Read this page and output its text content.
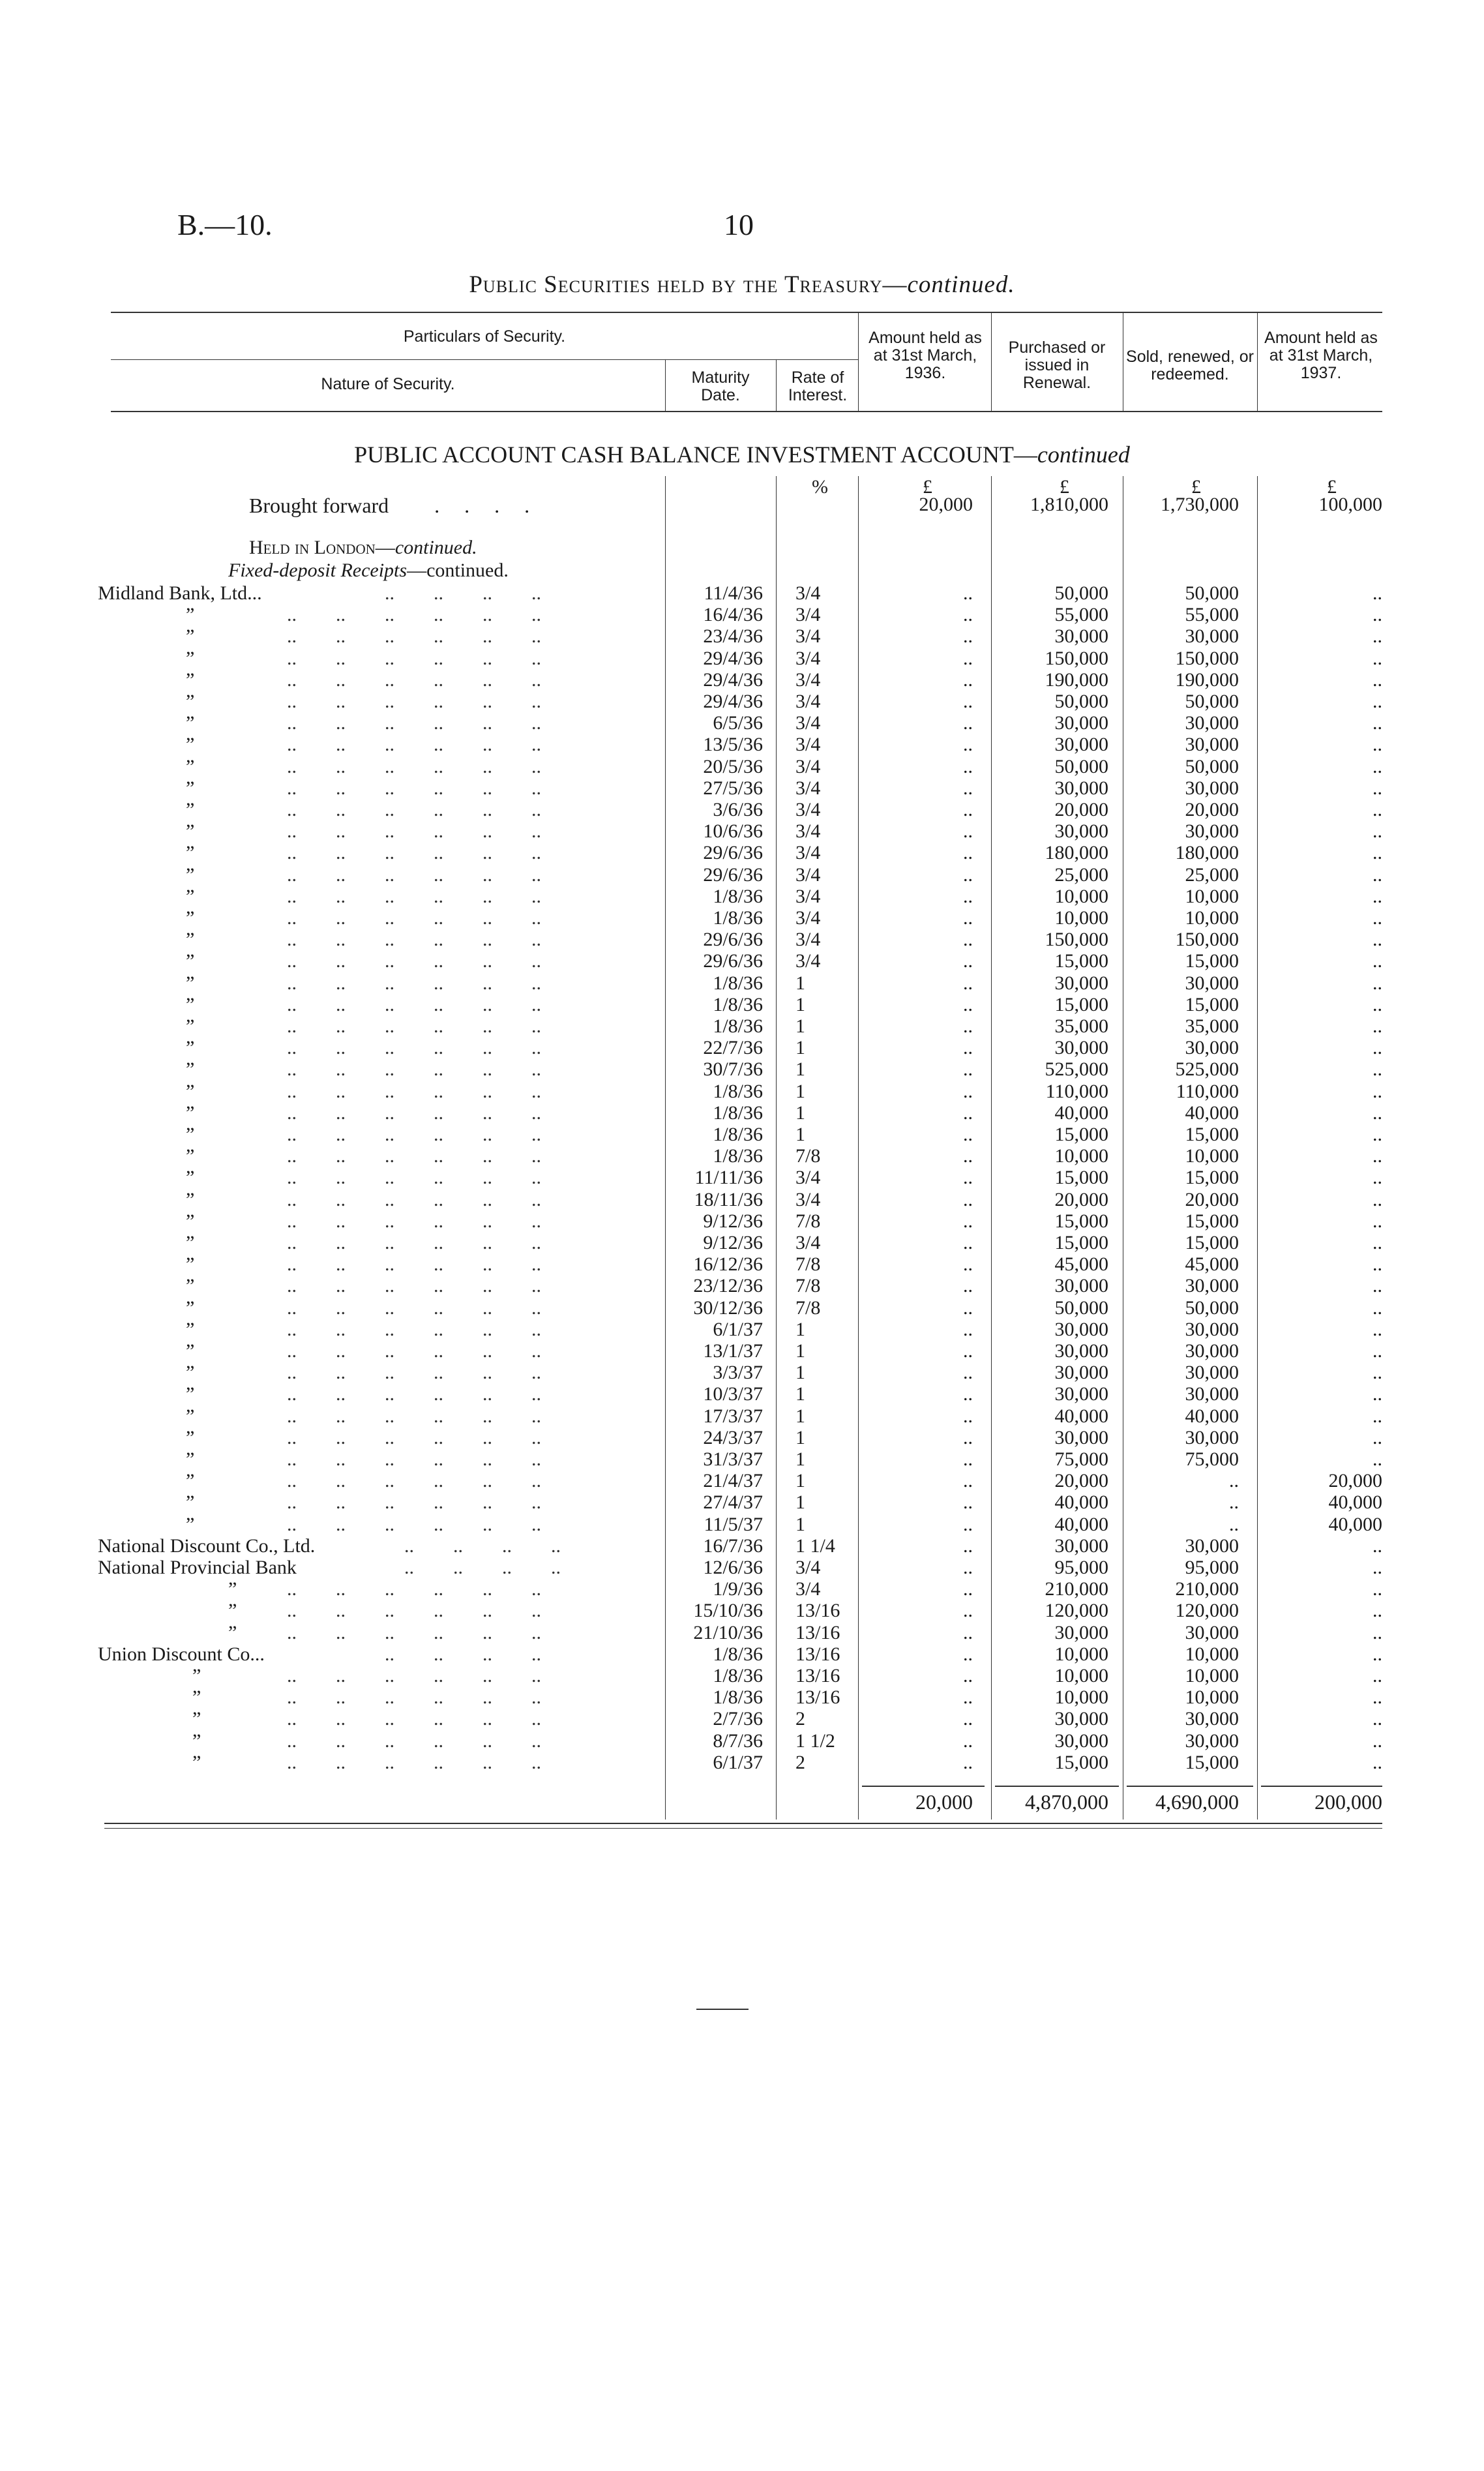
B.—10.	10
Public Securities held by the Treasury—continued.
Particulars of Security.
Nature of Security.	Maturity Date.
Rate of Interest.
Amount held as at 31st March, 1936.
Purchased or issued in Renewal.
Sold, renewed, or redeemed.
Amount held as at 31st March, 1937.
PUBLIC ACCOUNT CASH BALANCE INVESTMENT ACCOUNT—continued
%	£	£	£	£
Brought forward ....	20,000	1,810,000	1,730,000	100,000
Held in London—continued.
Fixed-deposit Receipts—continued.
Midland Bank, Ltd...	..        ..        ..        ..	11/4/36 3/4	..	50,000	50,000	..
”	..        ..        ..        ..        ..        ..	16/4/36 3/4	..	55,000	55,000	..
”	..        ..        ..        ..        ..        ..	23/4/36 3/4	..	30,000	30,000	..
”	..        ..        ..        ..        ..        ..	29/4/36 3/4	..	150,000	150,000	..
”	..        ..        ..        ..        ..        ..	29/4/36 3/4	..	190,000	190,000	..
”	..        ..        ..        ..        ..        ..	29/4/36 3/4	..	50,000	50,000	..
”	..        ..        ..        ..        ..        ..	6/5/36 3/4	..	30,000	30,000	..
”	..        ..        ..        ..        ..        ..	13/5/36 3/4	..	30,000	30,000	..
”	..        ..        ..        ..        ..        ..	20/5/36 3/4	..	50,000	50,000	..
”	..        ..        ..        ..        ..        ..	27/5/36 3/4	..	30,000	30,000	..
”	..        ..        ..        ..        ..        ..	3/6/36 3/4	..	20,000	20,000	..
”	..        ..        ..        ..        ..        ..	10/6/36 3/4	..	30,000	30,000	..
”	..        ..        ..        ..        ..        ..	29/6/36 3/4	..	180,000	180,000	..
”	..        ..        ..        ..        ..        ..	29/6/36 3/4	..	25,000	25,000	..
”	..        ..        ..        ..        ..        ..	1/8/36 3/4	..	10,000	10,000	..
”	..        ..        ..        ..        ..        ..	1/8/36 3/4	..	10,000	10,000	..
”	..        ..        ..        ..        ..        ..	29/6/36 3/4	..	150,000	150,000	..
”	..        ..        ..        ..        ..        ..	29/6/36 3/4	..	15,000	15,000	..
”	..        ..        ..        ..        ..        ..	1/8/36 1	..	30,000	30,000	..
”	..        ..        ..        ..        ..        ..	1/8/36 1	..	15,000	15,000	..
”	..        ..        ..        ..        ..        ..	1/8/36 1	..	35,000	35,000	..
”	..        ..        ..        ..        ..        ..	22/7/36 1	..	30,000	30,000	..
”	..        ..        ..        ..        ..        ..	30/7/36 1	..	525,000	525,000	..
”	..        ..        ..        ..        ..        ..	1/8/36 1	..	110,000	110,000	..
”	..        ..        ..        ..        ..        ..	1/8/36 1	..	40,000	40,000	..
”	..        ..        ..        ..        ..        ..	1/8/36 1	..	15,000	15,000	..
”	..        ..        ..        ..        ..        ..	1/8/36 7/8	..	10,000	10,000	..
”	..        ..        ..        ..        ..        ..	11/11/36 3/4	..	15,000	15,000	..
”	..        ..        ..        ..        ..        ..	18/11/36 3/4	..	20,000	20,000	..
”	..        ..        ..        ..        ..        ..	9/12/36 7/8	..	15,000	15,000	..
”	..        ..        ..        ..        ..        ..	9/12/36 3/4	..	15,000	15,000	..
”	..        ..        ..        ..        ..        ..	16/12/36 7/8	..	45,000	45,000	..
”	..        ..        ..        ..        ..        ..	23/12/36 7/8	..	30,000	30,000	..
”	..        ..        ..        ..        ..        ..	30/12/36 7/8	..	50,000	50,000	..
”	..        ..        ..        ..        ..        ..	6/1/37 1	..	30,000	30,000	..
”	..        ..        ..        ..        ..        ..	13/1/37 1	..	30,000	30,000	..
”	..        ..        ..        ..        ..        ..	3/3/37 1	..	30,000	30,000	..
”	..        ..        ..        ..        ..        ..	10/3/37 1	..	30,000	30,000	..
”	..        ..        ..        ..        ..        ..	17/3/37 1	..	40,000	40,000	..
”	..        ..        ..        ..        ..        ..	24/3/37 1	..	30,000	30,000	..
”	..        ..        ..        ..        ..        ..	31/3/37 1	..	75,000	75,000	..
”	..        ..        ..        ..        ..        ..	21/4/37 1	..	20,000	..	20,000
”	..        ..        ..        ..        ..        ..	27/4/37 1	..	40,000	..	40,000
”	..        ..        ..        ..        ..        ..	11/5/37 1	..	40,000	..	40,000
National Discount Co., Ltd.	..        ..        ..        ..	16/7/36 1 1/4	..	30,000	30,000	..
National Provincial Bank	..        ..        ..        ..	12/6/36 3/4	..	95,000	95,000	..
”	..        ..        ..        ..        ..        ..	1/9/36 3/4	..	210,000	210,000	..
”	..        ..        ..        ..        ..        ..	15/10/36 13/16	..	120,000	120,000	..
”	..        ..        ..        ..        ..        ..	21/10/36 13/16	..	30,000	30,000	..
Union Discount Co...	..        ..        ..        ..	1/8/36 13/16	..	10,000	10,000	..
”	..        ..        ..        ..        ..        ..	1/8/36 13/16	..	10,000	10,000	..
”	..        ..        ..        ..        ..        ..	1/8/36 13/16	..	10,000	10,000	..
”	..        ..        ..        ..        ..        ..	2/7/36 2	..	30,000	30,000	..
”	..        ..        ..        ..        ..        ..	8/7/36 1 1/2	..	30,000	30,000	..
”	..        ..        ..        ..        ..        ..	6/1/37 2	..	15,000	15,000	..
20,000	4,870,000	4,690,000	200,000
